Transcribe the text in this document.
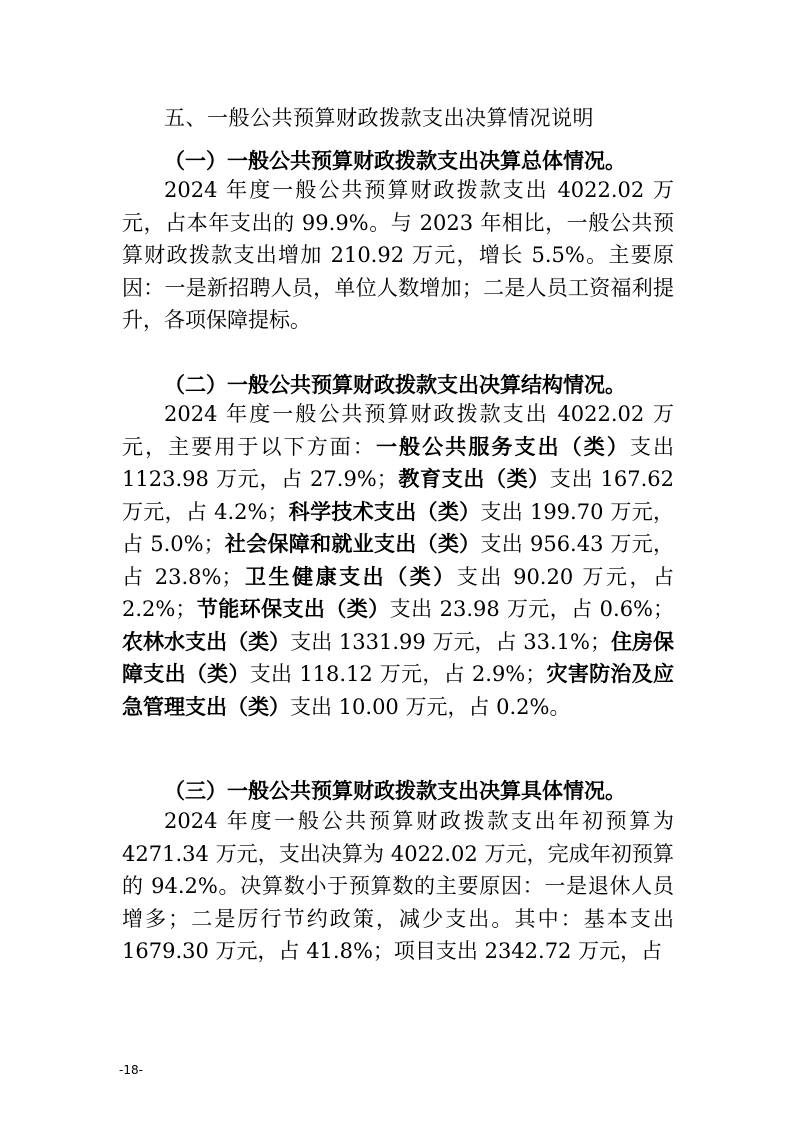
五、一般公共预算财政拨款支出决算情况说明
（一）一般公共预算财政拨款支出决算总体情况。

2024 年度一般公共预算财政拨款支出 4022.02 万元，占本年支出的 99.9%。与 2023 年相比，一般公共预算财政拨款支出增加 210.92 万元，增长 5.5%。主要原因：一是新招聘人员，单位人数增加；二是人员工资福利提升，各项保障提标。

（二）一般公共预算财政拨款支出决算结构情况。

2024 年度一般公共预算财政拨款支出 4022.02 万元，主要用于以下方面：一般公共服务支出（类）支出 1123.98 万元，占 27.9%；教育支出（类）支出 167.62 万元，占 4.2%；科学技术支出（类）支出 199.70 万元，占 5.0%；社会保障和就业支出（类）支出 956.43 万元，占 23.8%；卫生健康支出（类）支出 90.20 万元，占 2.2%；节能环保支出（类）支出 23.98 万元，占 0.6%；农林水支出（类）支出 1331.99 万元，占 33.1%；住房保障支出（类）支出 118.12 万元，占 2.9%；灾害防治及应急管理支出（类）支出 10.00 万元，占 0.2%。

（三）一般公共预算财政拨款支出决算具体情况。

2024 年度一般公共预算财政拨款支出年初预算为 4271.34 万元，支出决算为 4022.02 万元，完成年初预算的 94.2%。决算数小于预算数的主要原因：一是退休人员增多；二是厉行节约政策，减少支出。其中：基本支出 1679.30 万元，占 41.8%；项目支出 2342.72 万元，占

-18-
